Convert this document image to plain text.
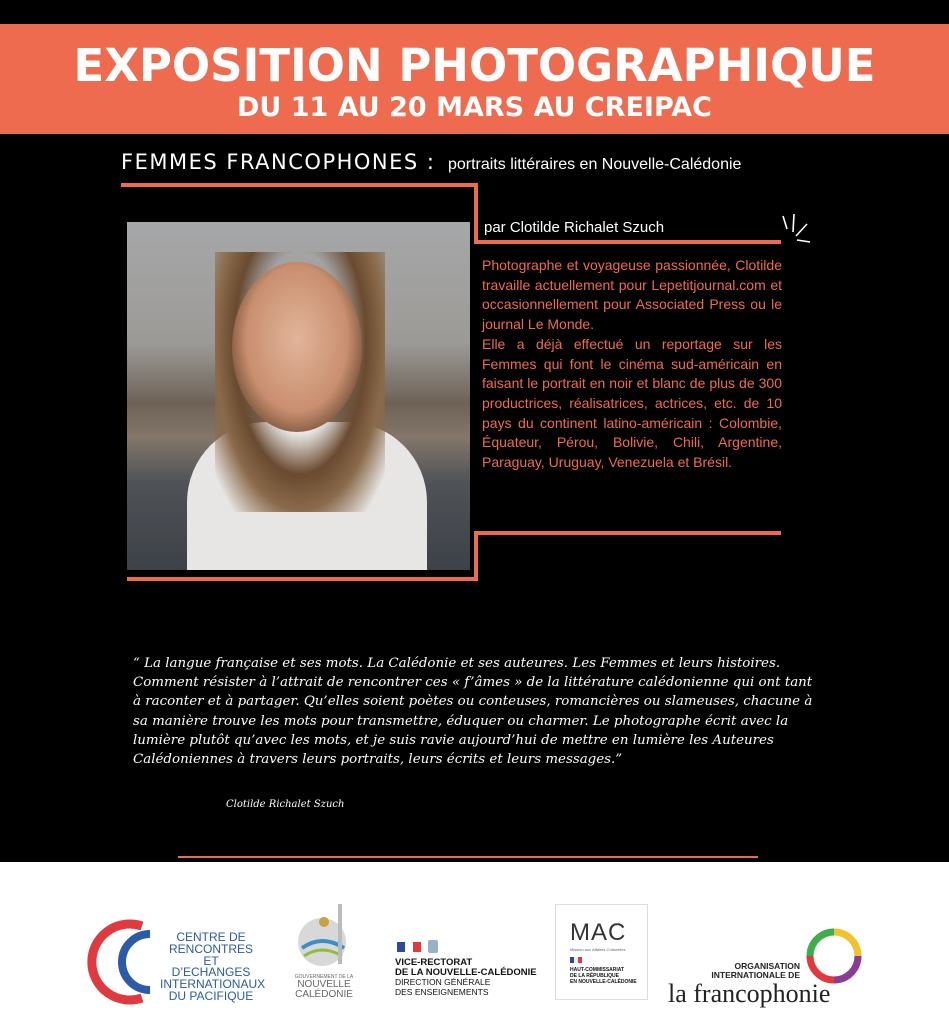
EXPOSITION PHOTOGRAPHIQUE
DU 11 AU 20 MARS AU CREIPAC
FEMMES FRANCOPHONES : portraits littéraires en Nouvelle-Calédonie
par Clotilde Richalet Szuch

Photographe et voyageuse passionnée, Clotilde travaille actuellement pour Lepetitjournal.com et occasionnellement pour Associated Press ou le journal Le Monde.

Elle a déjà effectué un reportage sur les Femmes qui font le cinéma sud-américain en faisant le portrait en noir et blanc de plus de 300 productrices, réalisatrices, actrices, etc. de 10 pays du continent latino-américain : Colombie, Équateur, Pérou, Bolivie, Chili, Argentine, Paraguay, Uruguay, Venezuela et Brésil.

“ La langue française et ses mots. La Calédonie et ses auteures. Les Femmes et leurs histoires. Comment résister à l’attrait de rencontrer ces « f’âmes » de la littérature calédonienne qui ont tant à raconter et à partager. Qu’elles soient poètes ou conteuses, romancières ou slameuses, chacune à sa manière trouve les mots pour transmettre, éduquer ou charmer. Le photographe écrit avec la lumière plutôt qu’avec les mots, et je suis ravie aujourd’hui de mettre en lumière les Auteures Calédoniennes à travers leurs portraits, leurs écrits et leurs messages.”
Clotilde Richalet Szuch
CENTRE DE
RENCONTRES ET
D’ECHANGES
INTERNATIONAUX
DU PACIFIQUE
GOUVERNEMENT DE LA
NOUVELLE
CALÉDONIE
VICE-RECTORAT
DE LA NOUVELLE-CALÉDONIE
DIRECTION GÉNÉRALE
DES ENSEIGNEMENTS
MAC
Mission aux Affaires Culturelles
HAUT-COMMISSARIAT
DE LA RÉPUBLIQUE
EN NOUVELLE-CALÉDONIE
ORGANISATION
INTERNATIONALE DE
la francophonie
